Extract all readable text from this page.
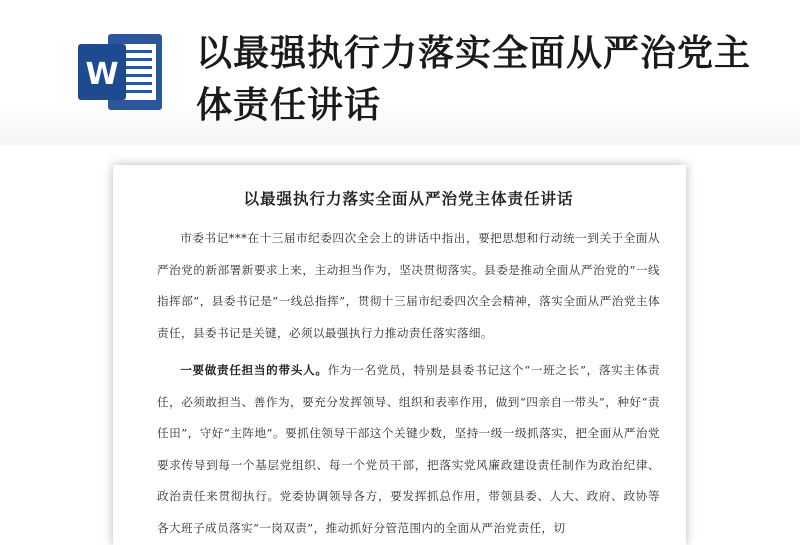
W
以最强执行力落实全面从严治党主体责任讲话
以最强执行力落实全面从严治党主体责任讲话

市委书记***在十三届市纪委四次全会上的讲话中指出，要把思想和行动统一到关于全面从严治党的新部署新要求上来，主动担当作为，坚决贯彻落实。县委是推动全面从严治党的“一线指挥部”，县委书记是“一线总指挥”，贯彻十三届市纪委四次全会精神，落实全面从严治党主体责任，县委书记是关键，必须以最强执行力推动责任落实落细。

一要做责任担当的带头人。作为一名党员，特别是县委书记这个“一班之长”，落实主体责任，必须敢担当、善作为，要充分发挥领导、组织和表率作用，做到“四亲自一带头”，种好“责任田”，守好“主阵地”。要抓住领导干部这个关键少数，坚持一级一级抓落实，把全面从严治党要求传导到每一个基层党组织、每一个党员干部，把落实党风廉政建设责任制作为政治纪律、政治责任来贯彻执行。党委协调领导各方，要发挥抓总作用，带领县委、人大、政府、政协等各大班子成员落实“一岗双责”，推动抓好分管范围内的全面从严治党责任，切
